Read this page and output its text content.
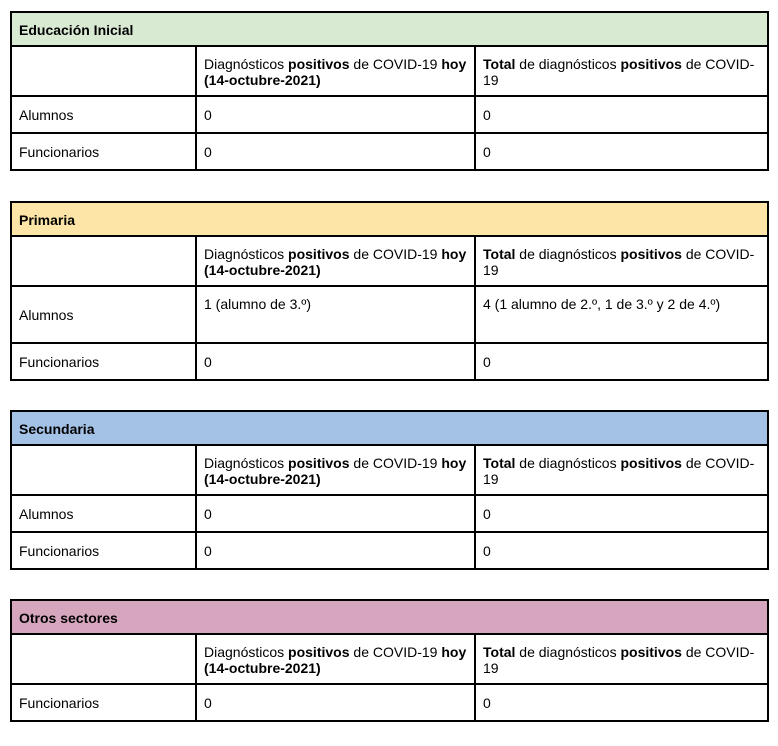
Educación Inicial		
	Diagnósticos positivos de COVID-19 hoy (14-octubre-2021)	Total de diagnósticos positivos de COVID-19
Alumnos	0	0
Funcionarios	0	0
Primaria		
	Diagnósticos positivos de COVID-19 hoy (14-octubre-2021)	Total de diagnósticos positivos de COVID-19
Alumnos	1 (alumno de 3.º)	4 (1 alumno de 2.º, 1 de 3.º y 2 de 4.º)
Funcionarios	0	0
Secundaria		
	Diagnósticos positivos de COVID-19 hoy (14-octubre-2021)	Total de diagnósticos positivos de COVID-19
Alumnos	0	0
Funcionarios	0	0
Otros sectores		
	Diagnósticos positivos de COVID-19 hoy (14-octubre-2021)	Total de diagnósticos positivos de COVID-19
Funcionarios	0	0
